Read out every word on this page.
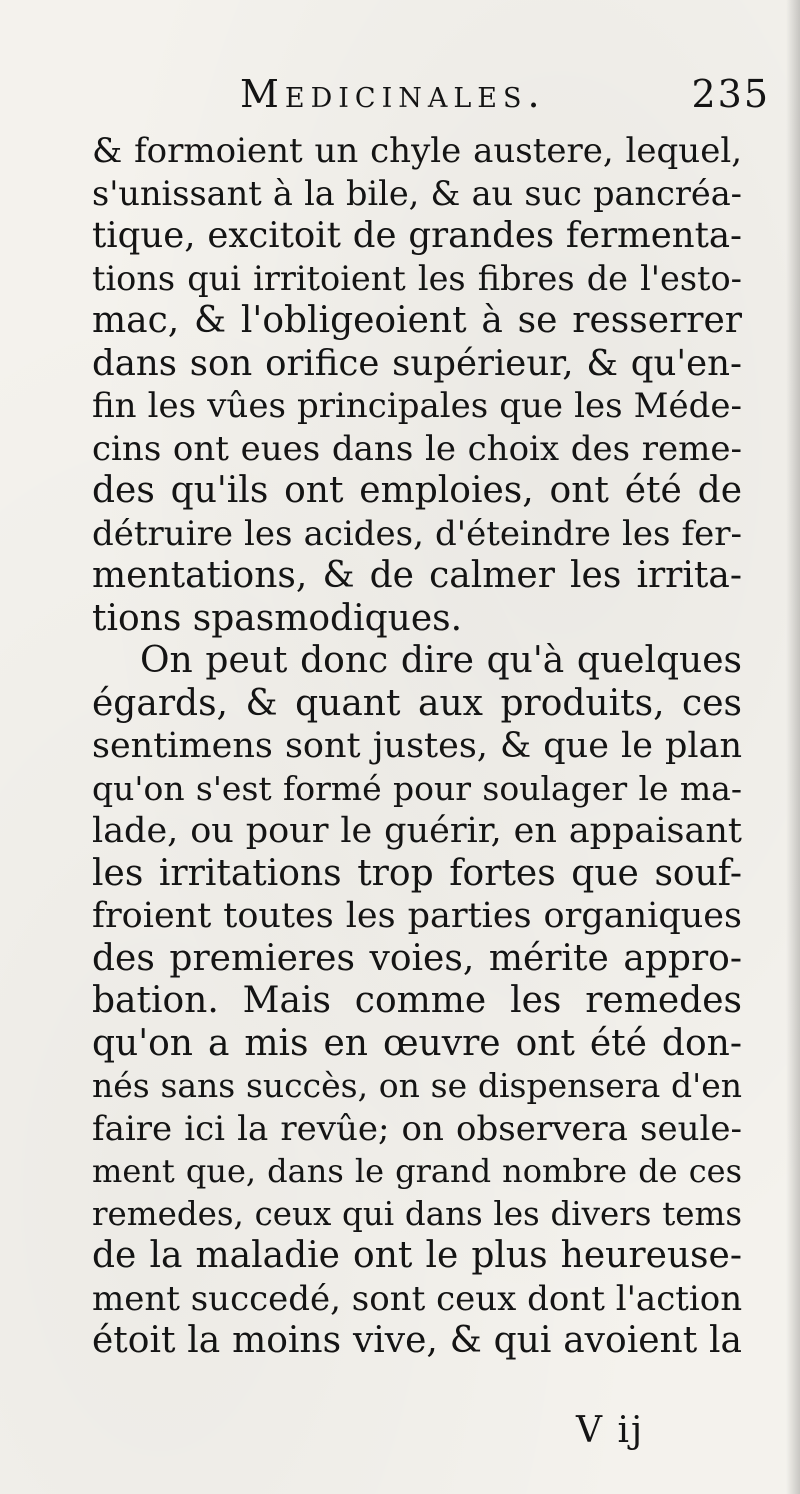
Medicinales.	235
& formoient un chyle austere, lequel,
s'unissant à la bile, & au suc pancréa-
tique, excitoit de grandes fermenta-
tions qui irritoient les fibres de l'esto-
mac, & l'obligeoient à se resserrer
dans son orifice supérieur, & qu'en-
fin les vûes principales que les Méde-
cins ont eues dans le choix des reme-
des qu'ils ont emploies, ont été de
détruire les acides, d'éteindre les fer-
mentations, & de calmer les irrita-
tions spasmodiques.
On peut donc dire qu'à quelques
égards, & quant aux produits, ces
sentimens sont justes, & que le plan
qu'on s'est formé pour soulager le ma-
lade, ou pour le guérir, en appaisant
les irritations trop fortes que souf-
froient toutes les parties organiques
des premieres voies, mérite appro-
bation. Mais comme les remedes
qu'on a mis en œuvre ont été don-
nés sans succès, on se dispensera d'en
faire ici la revûe; on observera seule-
ment que, dans le grand nombre de ces
remedes, ceux qui dans les divers tems
de la maladie ont le plus heureuse-
ment succedé, sont ceux dont l'action
étoit la moins vive, & qui avoient la
V ij
